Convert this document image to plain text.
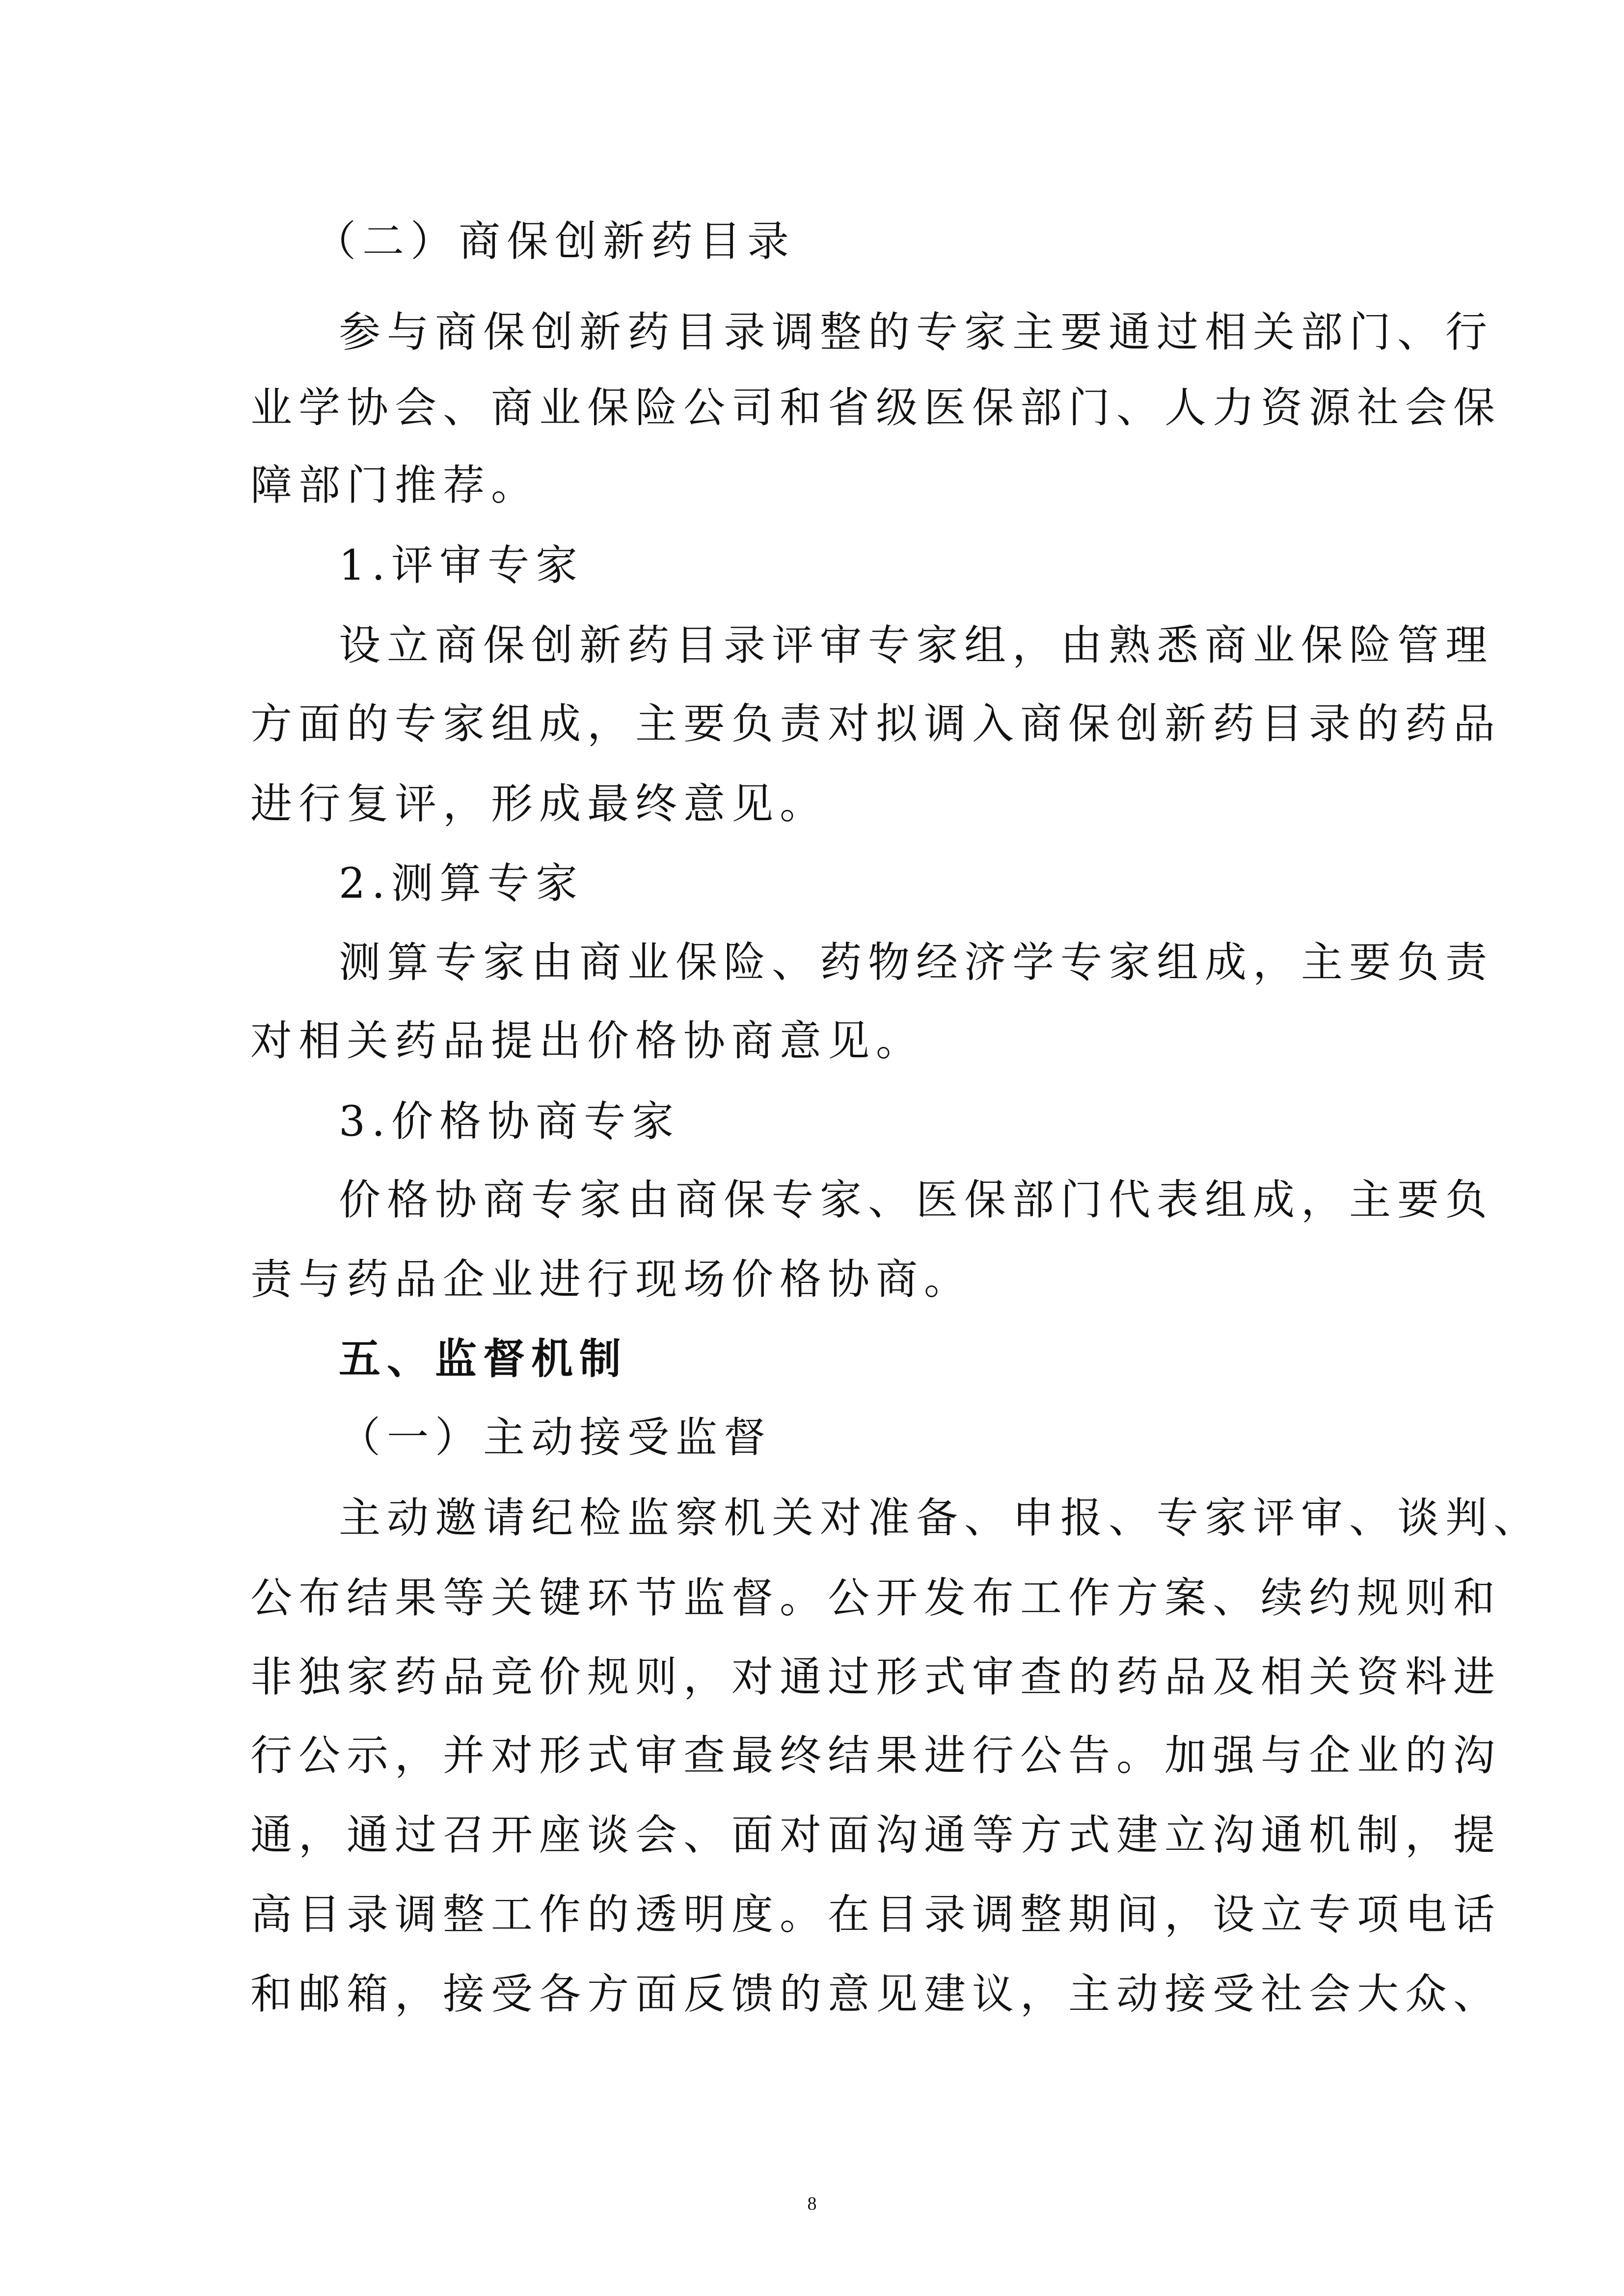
（二）商保创新药目录
参与商保创新药目录调整的专家主要通过相关部门、行
业学协会、商业保险公司和省级医保部门、人力资源社会保
障部门推荐。
1.评审专家
设立商保创新药目录评审专家组，由熟悉商业保险管理
方面的专家组成，主要负责对拟调入商保创新药目录的药品
进行复评，形成最终意见。
2.测算专家
测算专家由商业保险、药物经济学专家组成，主要负责
对相关药品提出价格协商意见。
3.价格协商专家
价格协商专家由商保专家、医保部门代表组成，主要负
责与药品企业进行现场价格协商。
五、监督机制
（一）主动接受监督
主动邀请纪检监察机关对准备、申报、专家评审、谈判、
公布结果等关键环节监督。公开发布工作方案、续约规则和
非独家药品竞价规则，对通过形式审查的药品及相关资料进
行公示，并对形式审查最终结果进行公告。加强与企业的沟
通，通过召开座谈会、面对面沟通等方式建立沟通机制，提
高目录调整工作的透明度。在目录调整期间，设立专项电话
和邮箱，接受各方面反馈的意见建议，主动接受社会大众、
8
